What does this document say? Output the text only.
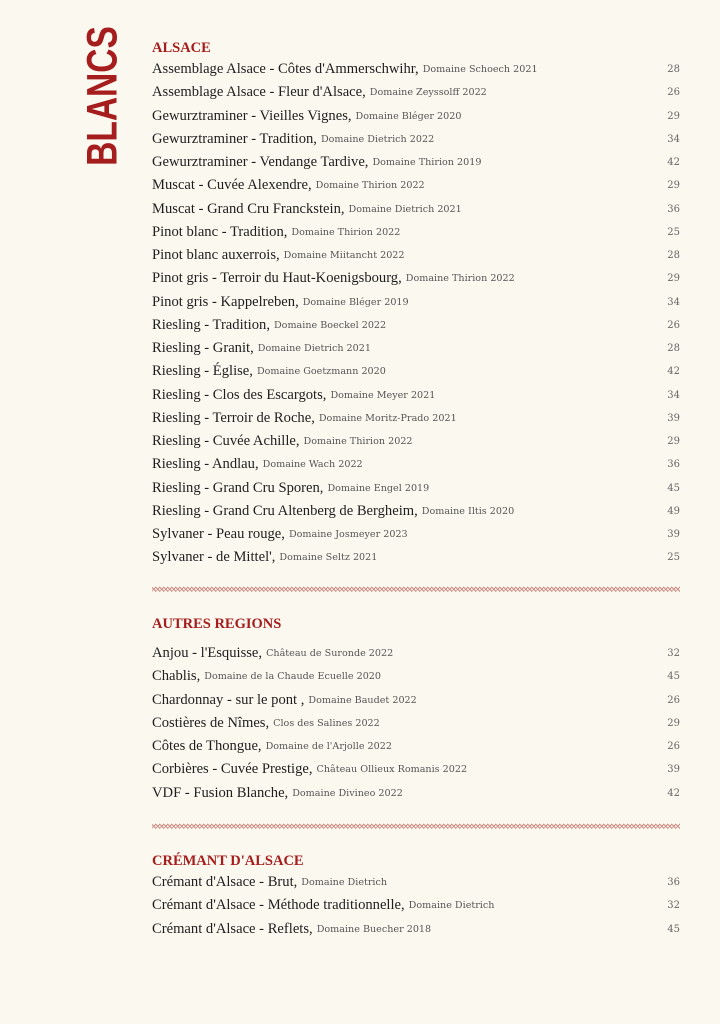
BLANCS ALSACE
Assemblage Alsace - Côtes d'Ammerschwihr, Domaine Schoech 2021	28
Assemblage Alsace - Fleur d'Alsace, Domaine Zeyssolff 2022	26
Gewurztraminer - Vieilles Vignes, Domaine Bléger 2020	29
Gewurztraminer - Tradition, Domaine Dietrich 2022	34
Gewurztraminer - Vendange Tardive, Domaine Thirion 2019	42
Muscat - Cuvée Alexendre, Domaine Thirion 2022	29
Muscat - Grand Cru Franckstein, Domaine Dietrich 2021	36
Pinot blanc - Tradition, Domaine Thirion 2022	25
Pinot blanc auxerrois, Domaine Miitancht 2022	28
Pinot gris - Terroir du Haut-Koenigsbourg, Domaine Thirion 2022	29
Pinot gris - Kappelreben, Domaine Bléger 2019	34
Riesling - Tradition, Domaine Boeckel 2022	26
Riesling - Granit, Domaine Dietrich 2021	28
Riesling - Église, Domaine Goetzmann 2020	42
Riesling - Clos des Escargots, Domaine Meyer 2021	34
Riesling - Terroir de Roche, Domaine Moritz-Prado 2021	39
Riesling - Cuvée Achille, Domaine Thirion 2022	29
Riesling - Andlau, Domaine Wach 2022	36
Riesling - Grand Cru Sporen, Domaine Engel 2019	45
Riesling - Grand Cru Altenberg de Bergheim, Domaine Iltis 2020	49
Sylvaner - Peau rouge, Domaine Josmeyer 2023	39
Sylvaner - de Mittel', Domaine Seltz 2021	25
AUTRES REGIONS
Anjou - l'Esquisse, Château de Suronde 2022	32
Chablis, Domaine de la Chaude Ecuelle 2020	45
Chardonnay - sur le pont , Domaine Baudet 2022	26
Costières de Nîmes, Clos des Salines 2022	29
Côtes de Thongue, Domaine de l'Arjolle 2022	26
Corbières - Cuvée Prestige, Château Ollieux Romanis 2022	39
VDF - Fusion Blanche, Domaine Divineo 2022	42
CRÉMANT D'ALSACE
Crémant d'Alsace - Brut, Domaine Dietrich	36
Crémant d'Alsace - Méthode traditionnelle, Domaine Dietrich	32
Crémant d'Alsace - Reflets, Domaine Buecher 2018	45
